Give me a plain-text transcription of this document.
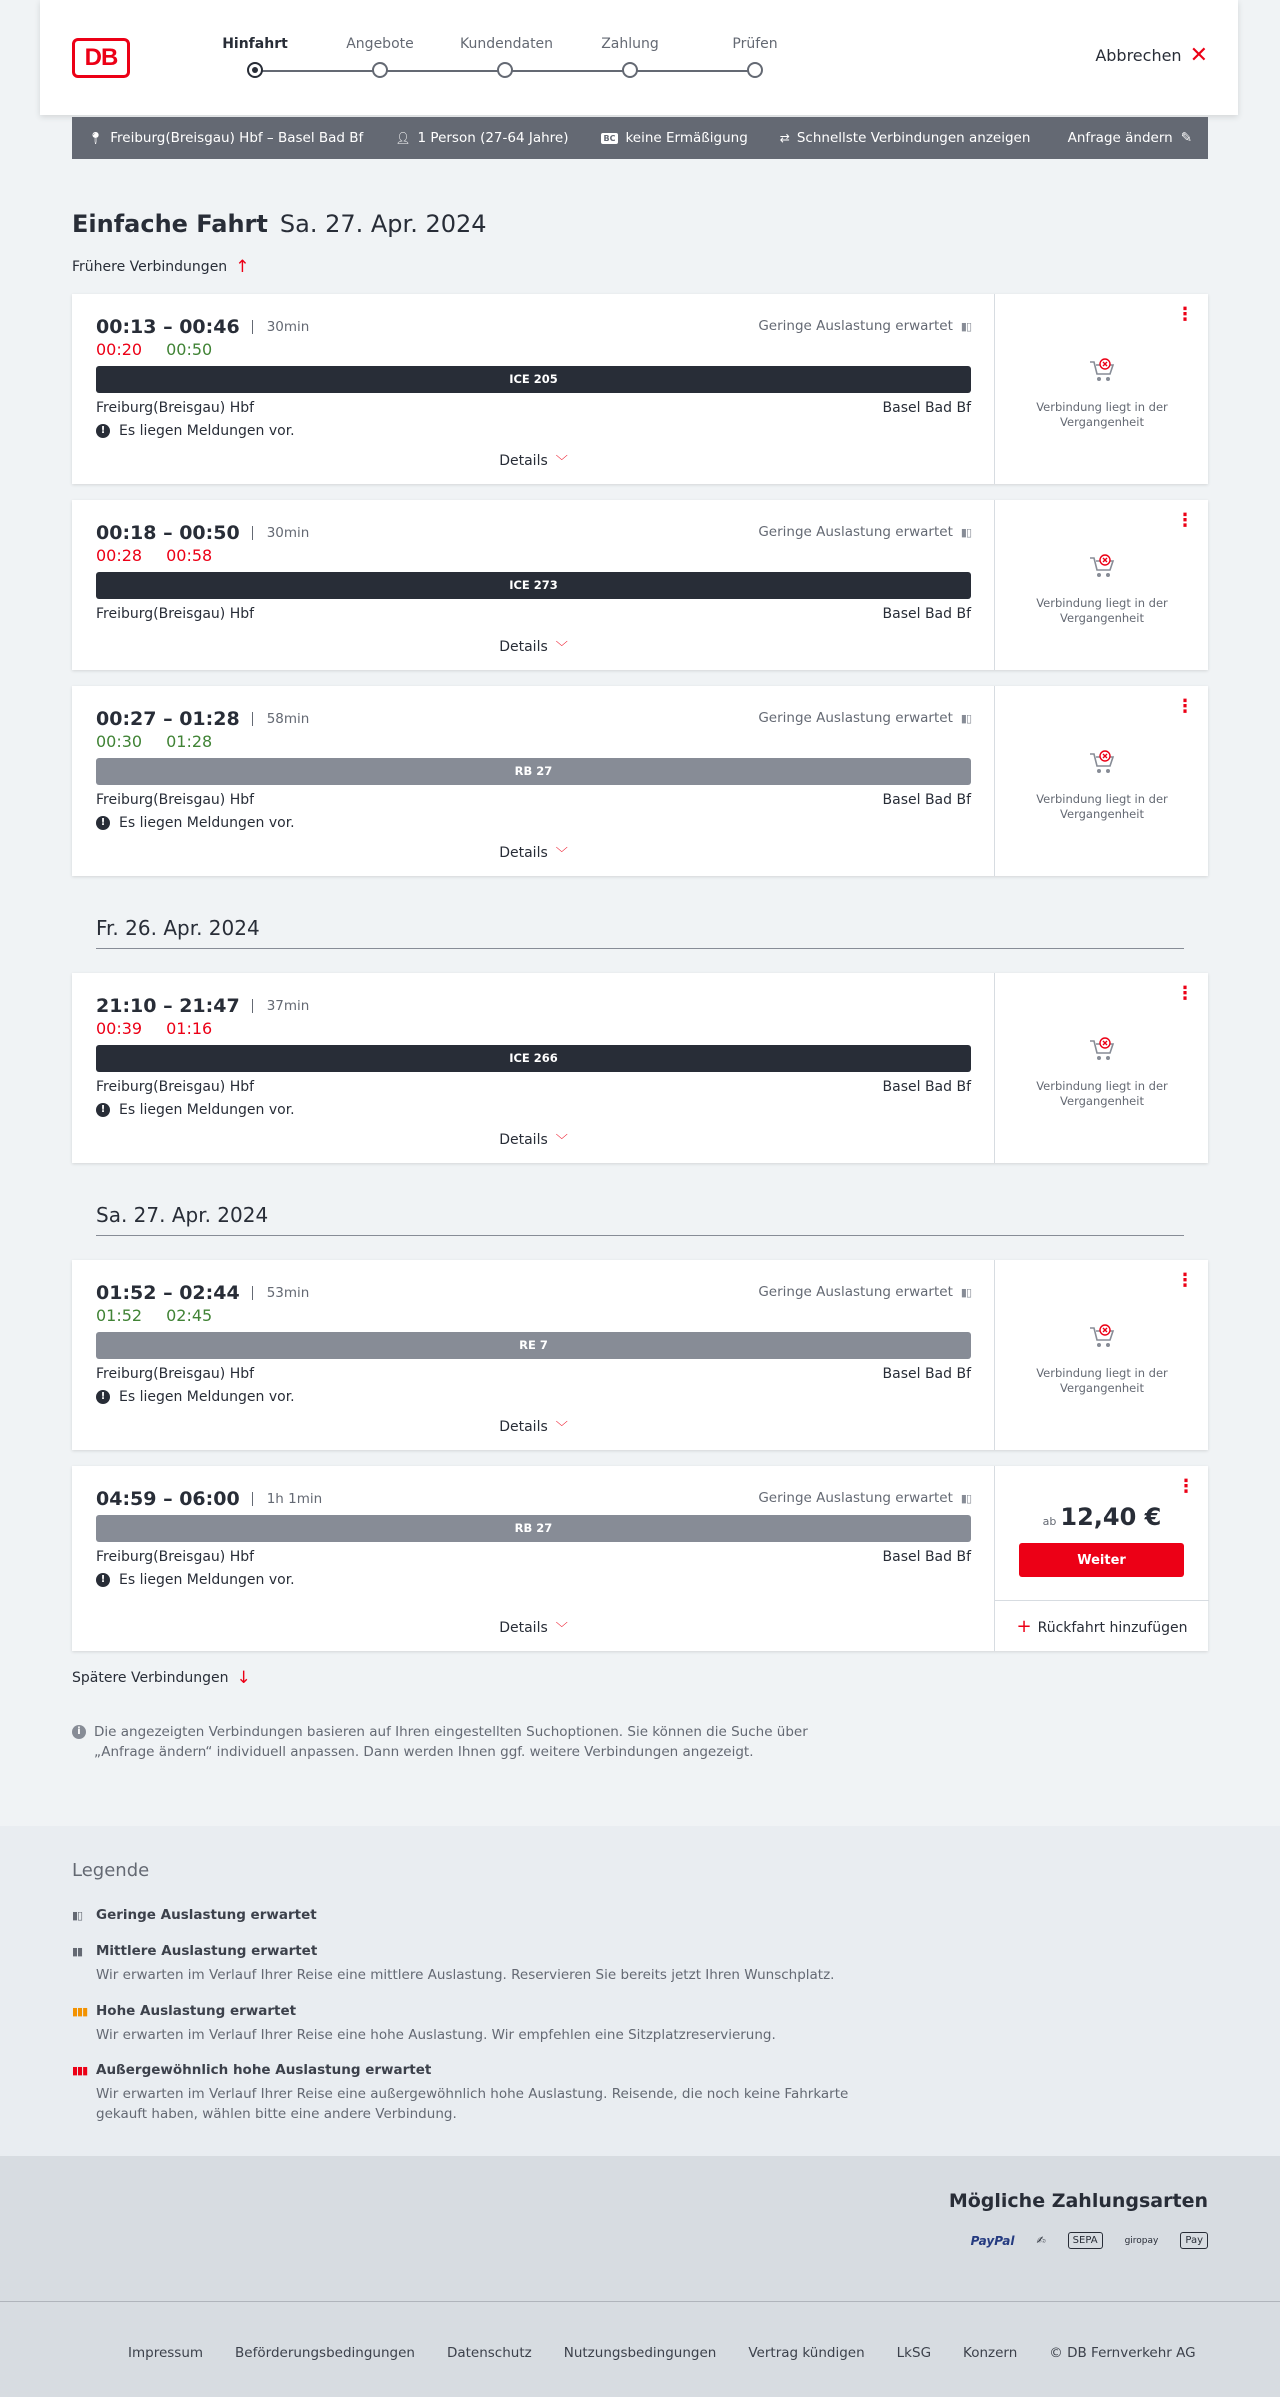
DB	Hinfahrt	Angebote	Kundendaten	Zahlung	Prüfen
Abbrechen ✕
📍︎ Freiburg(Breisgau) Hbf – Basel Bad Bf	👤︎ 1 Person (27-64 Jahre)	BC keine Ermäßigung	⇄ Schnellste Verbindungen anzeigen	Anfrage ändern ✎
Einfache Fahrt Sa. 27. Apr. 2024
Frühere Verbindungen ↑
00:13 – 00:46	30min	Geringe Auslastung erwartet ▮▯
00:20 00:50
ICE 205
Freiburg(Breisgau) Hbf	Basel Bad Bf
! Es liegen Meldungen vor.
Details ﹀
⋮
Verbindung liegt in der
Vergangenheit
00:18 – 00:50	30min	Geringe Auslastung erwartet ▮▯
00:28 00:58
ICE 273
Freiburg(Breisgau) Hbf	Basel Bad Bf
Details ﹀
⋮
Verbindung liegt in der
Vergangenheit
00:27 – 01:28	58min	Geringe Auslastung erwartet ▮▯
00:30 01:28
RB 27
Freiburg(Breisgau) Hbf	Basel Bad Bf
! Es liegen Meldungen vor.
Details ﹀
⋮
Verbindung liegt in der
Vergangenheit
Fr. 26. Apr. 2024
21:10 – 21:47	37min
00:39 01:16
ICE 266
Freiburg(Breisgau) Hbf	Basel Bad Bf
! Es liegen Meldungen vor.
Details ﹀
⋮
Verbindung liegt in der
Vergangenheit
Sa. 27. Apr. 2024
01:52 – 02:44	53min	Geringe Auslastung erwartet ▮▯
01:52 02:45
RE 7
Freiburg(Breisgau) Hbf	Basel Bad Bf
! Es liegen Meldungen vor.
Details ﹀
⋮
Verbindung liegt in der
Vergangenheit
04:59 – 06:00	1h 1min	Geringe Auslastung erwartet ▮▯
RB 27
Freiburg(Breisgau) Hbf	Basel Bad Bf
! Es liegen Meldungen vor.
Details ﹀
⋮
ab 12,40 €
Weiter
+ Rückfahrt hinzufügen
Spätere Verbindungen ↓
i Die angezeigten Verbindungen basieren auf Ihren eingestellten Suchoptionen. Sie können die Suche über „Anfrage ändern“ individuell anpassen. Dann werden Ihnen ggf. weitere Verbindungen angezeigt.
Legende
▮▯	Geringe Auslastung erwartet
▮▮	Mittlere Auslastung erwartet
Wir erwarten im Verlauf Ihrer Reise eine mittlere Auslastung. Reservieren Sie bereits jetzt Ihren Wunschplatz.
▮▮▮ Hohe Auslastung erwartet
Wir erwarten im Verlauf Ihrer Reise eine hohe Auslastung. Wir empfehlen eine Sitzplatzreservierung.
▮▮▮ Außergewöhnlich hohe Auslastung erwartet
Wir erwarten im Verlauf Ihrer Reise eine außergewöhnlich hohe Auslastung. Reisende, die noch keine Fahrkarte gekauft haben, wählen bitte eine andere Verbindung.
Mögliche Zahlungsarten
PayPal ✍︎	SEPA	giropay	Pay
Impressum Beförderungsbedingungen Datenschutz Nutzungsbedingungen Vertrag kündigen LkSG Konzern © DB Fernverkehr AG
